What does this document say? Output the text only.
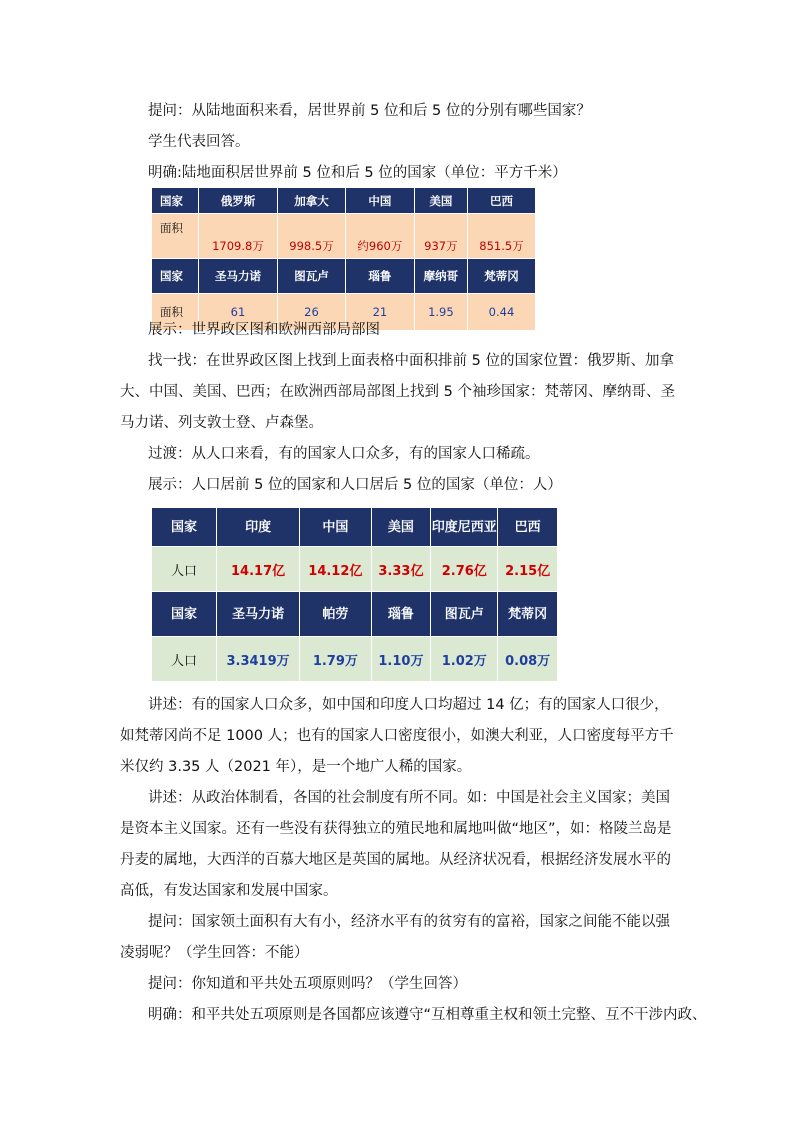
提问：从陆地面积来看，居世界前 5 位和后 5 位的分别有哪些国家？

学生代表回答。

明确:陆地面积居世界前 5 位和后 5 位的国家（单位：平方千米）

国家	俄罗斯	加拿大	中国	美国	巴西
面积	1709.8万	998.5万	约960万	937万	851.5万
国家	圣马力诺	图瓦卢	瑙鲁	摩纳哥	梵蒂冈
面积	61	26	21	1.95	0.44

展示：世界政区图和欧洲西部局部图

找一找：在世界政区图上找到上面表格中面积排前 5 位的国家位置：俄罗斯、加拿大、中国、美国、巴西；在欧洲西部局部图上找到 5 个袖珍国家：梵蒂冈、摩纳哥、圣马力诺、列支敦士登、卢森堡。

过渡：从人口来看，有的国家人口众多，有的国家人口稀疏。

展示：人口居前 5 位的国家和人口居后 5 位的国家（单位：人）

国家	印度	中国	美国	印度尼西亚	巴西
人口	14.17亿	14.12亿	3.33亿	2.76亿	2.15亿
国家	圣马力诺	帕劳	瑙鲁	图瓦卢	梵蒂冈
人口	3.3419万	1.79万	1.10万	1.02万	0.08万

讲述：有的国家人口众多，如中国和印度人口均超过 14 亿；有的国家人口很少，如梵蒂冈尚不足 1000 人；也有的国家人口密度很小，如澳大利亚，人口密度每平方千米仅约 3.35 人（2021 年），是一个地广人稀的国家。

讲述：从政治体制看，各国的社会制度有所不同。如：中国是社会主义国家；美国是资本主义国家。还有一些没有获得独立的殖民地和属地叫做“地区”，如：格陵兰岛是丹麦的属地，大西洋的百慕大地区是英国的属地。从经济状况看，根据经济发展水平的高低，有发达国家和发展中国家。

提问：国家领土面积有大有小，经济水平有的贫穷有的富裕，国家之间能不能以强凌弱呢？（学生回答：不能）

提问：你知道和平共处五项原则吗？（学生回答）

明确：和平共处五项原则是各国都应该遵守“互相尊重主权和领土完整、互不干涉内政、
